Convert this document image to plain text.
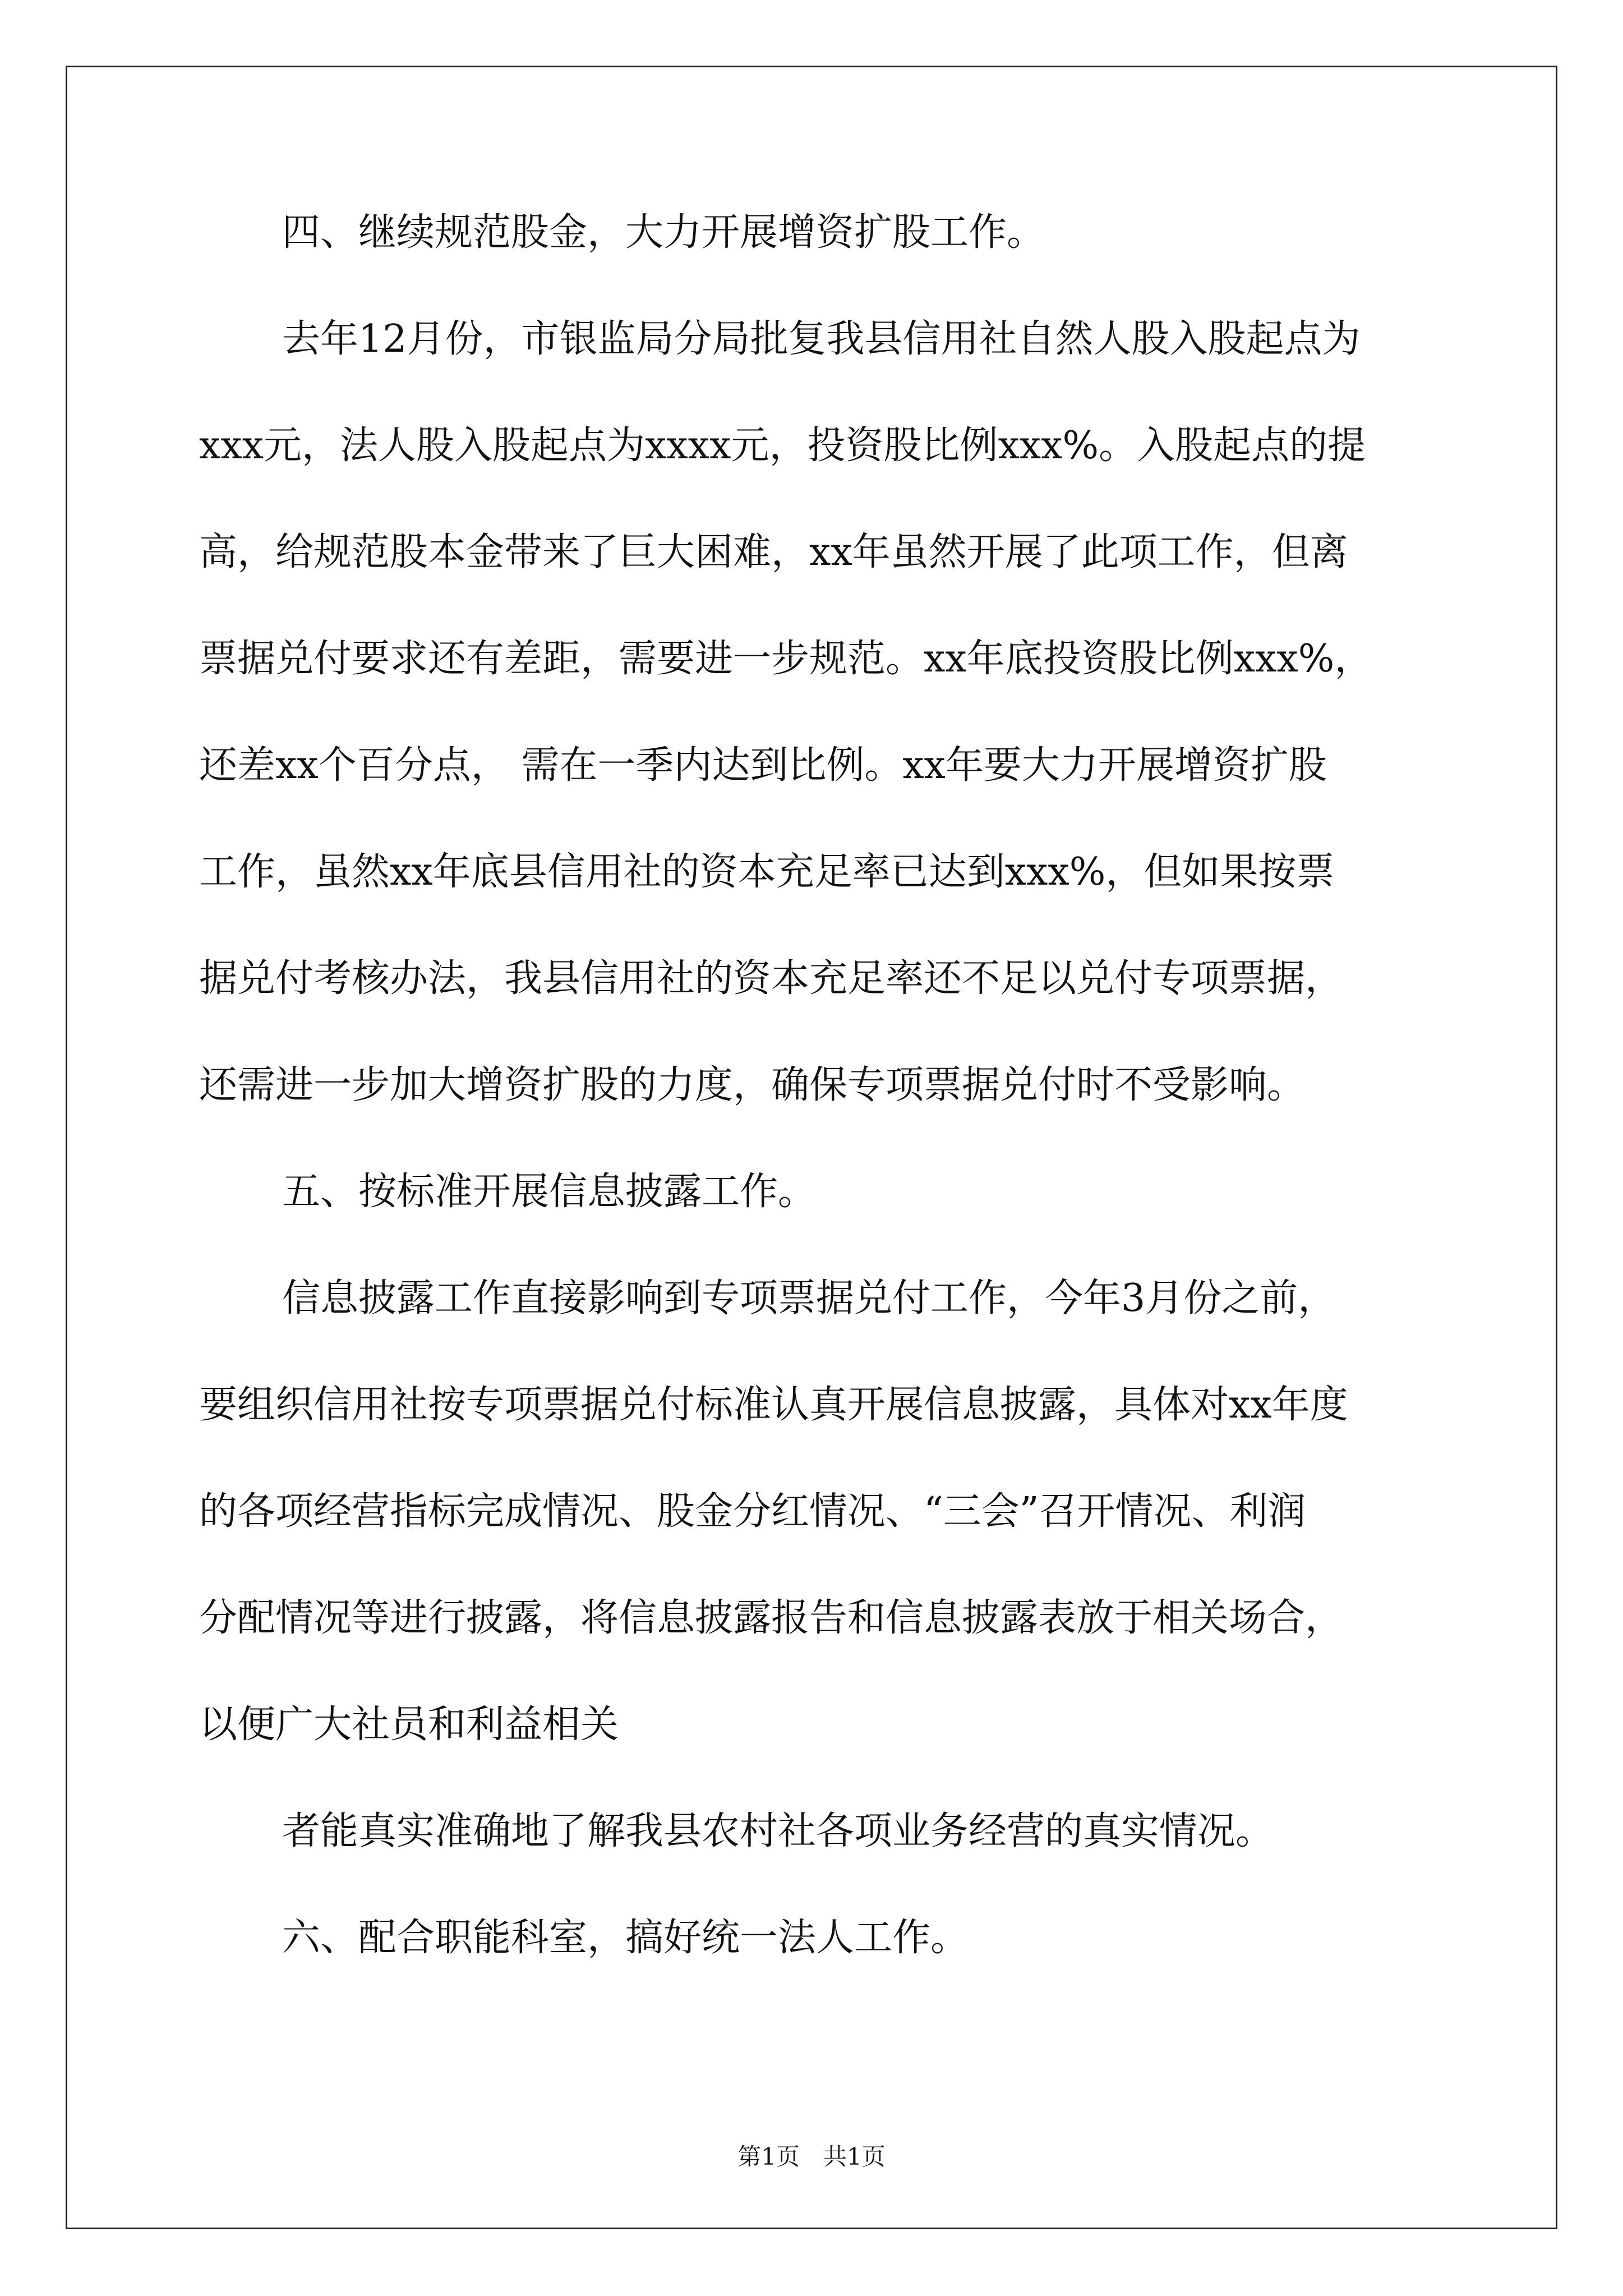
四、继续规范股金，大力开展增资扩股工作。
去年12月份，市银监局分局批复我县信用社自然人股入股起点为
xxx元，法人股入股起点为xxxx元，投资股比例xxx%。入股起点的提
高，给规范股本金带来了巨大困难，xx年虽然开展了此项工作，但离
票据兑付要求还有差距，需要进一步规范。xx年底投资股比例xxx%，
还差xx个百分点， 需在一季内达到比例。xx年要大力开展增资扩股
工作，虽然xx年底县信用社的资本充足率已达到xxx%，但如果按票
据兑付考核办法，我县信用社的资本充足率还不足以兑付专项票据，
还需进一步加大增资扩股的力度，确保专项票据兑付时不受影响。
五、按标准开展信息披露工作。
信息披露工作直接影响到专项票据兑付工作，今年3月份之前，
要组织信用社按专项票据兑付标准认真开展信息披露，具体对xx年度
的各项经营指标完成情况、股金分红情况、“三会”召开情况、利润
分配情况等进行披露，将信息披露报告和信息披露表放于相关场合，
以便广大社员和利益相关
者能真实准确地了解我县农村社各项业务经营的真实情况。
六、配合职能科室，搞好统一法人工作。
第1页　共1页
